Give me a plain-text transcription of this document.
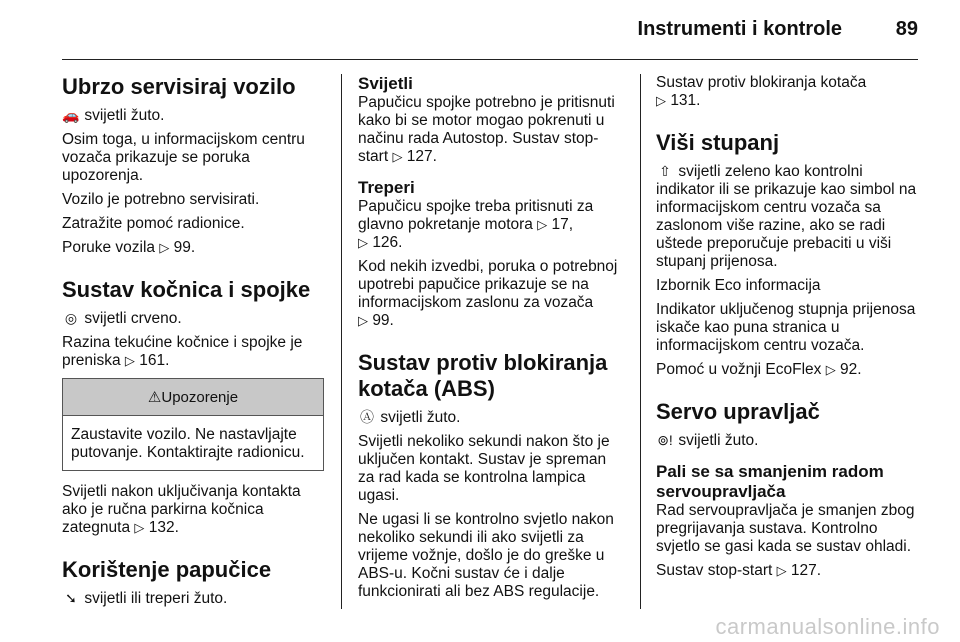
Instrumenti i kontrole	89
Ubrzo servisiraj vozilo

🚗 svijetli žuto.

Osim toga, u informacijskom centru vozača prikazuje se poruka upozorenja.

Vozilo je potrebno servisirati.

Zatražite pomoć radionice.

Poruke vozila ▷ 99.

Sustav kočnica i spojke

◎ svijetli crveno.

Razina tekućine kočnice i spojke je preniska ▷ 161.

⚠Upozorenje
Zaustavite vozilo. Ne nastavljajte putovanje. Kontaktirajte radionicu.

Svijetli nakon uključivanja kontakta ako je ručna parkirna kočnica zategnuta ▷ 132.

Korištenje papučice

➘ svijetli ili treperi žuto.

Svijetli

Papučicu spojke potrebno je pritisnuti kako bi se motor mogao pokrenuti u načinu rada Autostop. Sustav stop-start ▷ 127.

Treperi

Papučicu spojke treba pritisnuti za glavno pokretanje motora ▷ 17,
▷ 126.

Kod nekih izvedbi, poruka o potrebnoj upotrebi papučice prikazuje se na informacijskom zaslonu za vozača
▷ 99.

Sustav protiv blokiranja kotača (ABS)

Ⓐ svijetli žuto.

Svijetli nekoliko sekundi nakon što je uključen kontakt. Sustav je spreman za rad kada se kontrolna lampica ugasi.

Ne ugasi li se kontrolno svjetlo nakon nekoliko sekundi ili ako svijetli za vrijeme vožnje, došlo je do greške u ABS-u. Kočni sustav će i dalje funkcionirati ali bez ABS regulacije.

Sustav protiv blokiranja kotača
▷ 131.

Viši stupanj

⇧ svijetli zeleno kao kontrolni indikator ili se prikazuje kao simbol na informacijskom centru vozača sa zaslonom više razine, ako se radi uštede preporučuje prebaciti u viši stupanj prijenosa.

Izbornik Eco informacija

Indikator uključenog stupnja prijenosa iskače kao puna stranica u informacijskom centru vozača.

Pomoć u vožnji EcoFlex ▷ 92.

Servo upravljač

⊚! svijetli žuto.

Pali se sa smanjenim radom servoupravljača

Rad servoupravljača je smanjen zbog pregrijavanja sustava. Kontrolno svjetlo se gasi kada se sustav ohladi.

Sustav stop-start ▷ 127.

carmanualsonline.info
